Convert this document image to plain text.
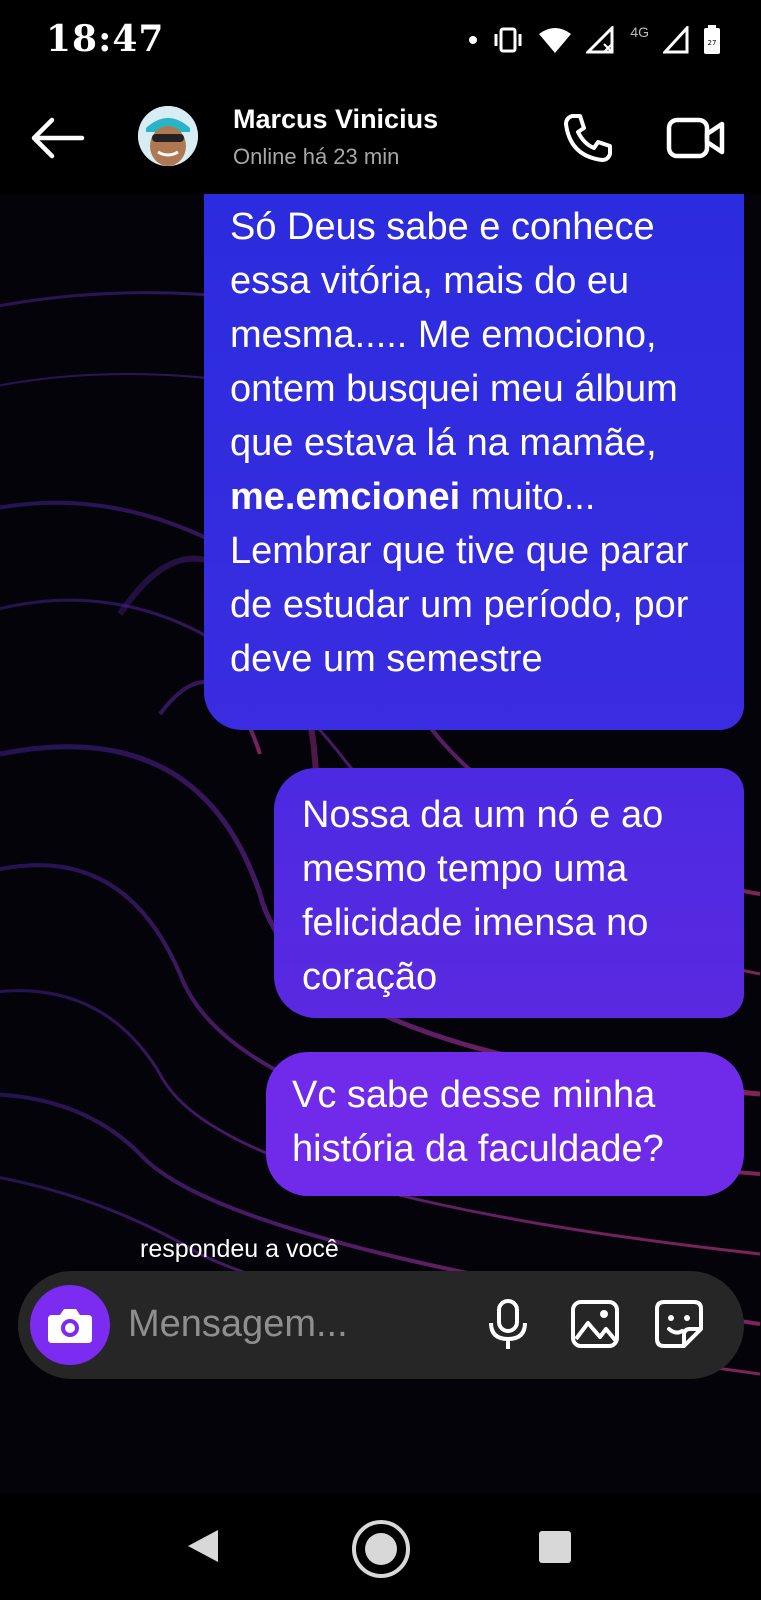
18:47	4G
27
Marcus Vinicius
Online há 23 min
Só Deus sabe e conhece essa vitória, mais do eu mesma..... Me emociono, ontem busquei meu álbum que estava lá na mamãe, me.emcionei muito... Lembrar que tive que parar de estudar um período, por deve um semestre
Nossa da um nó e ao mesmo tempo uma felicidade imensa no coração
Vc sabe desse minha história da faculdade?
respondeu a você
Mensagem...
